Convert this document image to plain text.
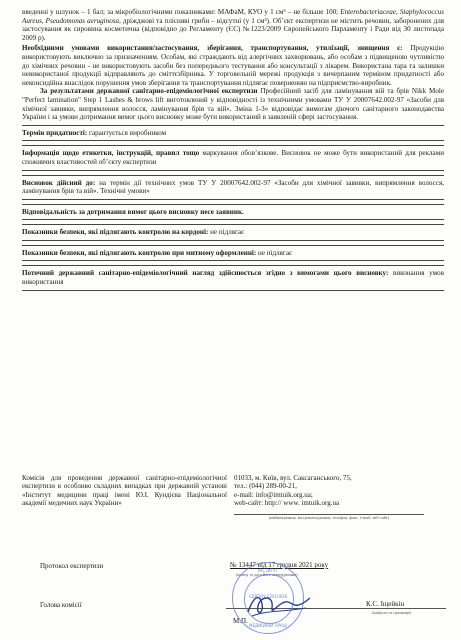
введенні у шлунок – 1 бал; за мікробіологічними показниками: МАФаМ, КУО у 1 см³ – не більше 100; Enterobacteriaceae, Staphylococcus Aureus, Pseudomonas aeruginosa, дріжджові та плісняві гриби – відсутні (у 1 см³). Об’єкт експертизи не містить речовин, заборонених для застосування як сировина косметична (відповідно до Регламенту (ЄС) №1223/2009 Європейського Парламенту і Ради від 30 листопада 2009 р).

Необхідними умовами використання/застосування, зберігання, транспортування, утилізації, знищення є: Продукцію використовують виключно за призначенням. Особам, які страждають від алергічних захворювань, або особам з підвищеною чутливістю до хімічних речовин - не використовують засоби без попереднього тестування або консультації з лікарем. Використана тара та залишки невикористаної продукції відправляють до сміттєзбірника. У торговельній мережі продукція з вичерпаним терміном придатності або неконсидійна внаслідок порушення умов зберігання та транспортування підлягає поверненню на підприємство-виробник.

За результатами державної санітарно-епідеміологічної експертизи Професійний засіб для ламінування вій та брів Nikk Mole "Perfect lamination" Step 1 Lashes & brows lift виготовлений у відповідності із технічними умовами ТУ У 20007642.002-97 «Засоби для хімічної завивки, випрямлення волосся, ламінування брів та вій». Зміна 1-3» відповідає вимогам діючого санітарного законодавства України і за умови дотримання вимог цього висновку може бути використаний в заявленій сфері застосування.

Термін придатності: гарантується виробником
Інформація щодо етикетки, інструкцій, правил тощо маркування обов’язкове. Висновок не може бути використаний для реклами споживчих властивостей об’єкту експертизи
Висновок дійсний до: на термін дії технічних умов ТУ У 20007642.002-97 «Засоби для хімічної завивки, випрямлення волосся, ламінування брів та вій». Технічні умови»
Відповідальність за дотримання вимог цього висновку несе заявник.
Показники безпеки, які підлягають контролю на кордоні: не підлягає
Показники безпеки, які підлягають контролю при митному оформленні: не підлягає
Поточний державний санітарно-епідеміологічний нагляд здійснюється згідно з вимогами цього висновку: виконання умов використання
Комісія для проведення державної санітарно-епідеміологічної експертизи в особливо складних випадках при державній установі «Інститут медицини праці імені Ю.І. Кундієва Національної академії медичних наук України»
01033, м. Київ, вул. Саксаганського, 75,
тел.: (044) 289-00-21,
e-mail: info@imtuik.org.ua;
web-сайт: http:// www. imtuik.org.ua
(найменування, місцезнаходження, телефон, факс, e-mail, веб-сайт)
Протокол експертизи	№ 13447 від 17 грудня 2021 року
(номер та дата його затвердження)
Голова комісії	К.С. Іщейкін
(ініціали та прізвище)
М.П.
ІНСТИТУТ
ЄДРПОУ 02010936
МЕДИЦИНИ ПРАЦІ
